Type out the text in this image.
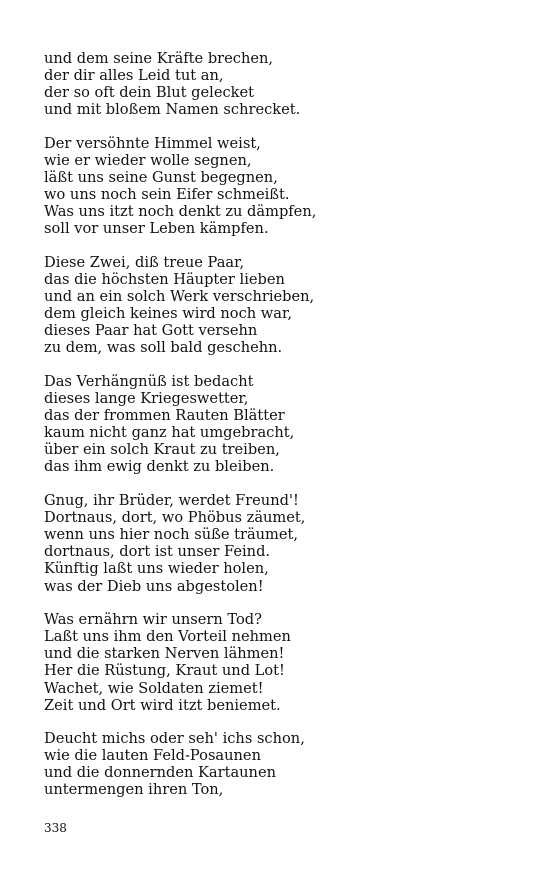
und dem seine Kräfte brechen,
der dir alles Leid tut an,
der so oft dein Blut gelecket
und mit bloßem Namen schrecket.
Der versöhnte Himmel weist,
wie er wieder wolle segnen,
läßt uns seine Gunst begegnen,
wo uns noch sein Eifer schmeißt.
Was uns itzt noch denkt zu dämpfen,
soll vor unser Leben kämpfen.
Diese Zwei, diß treue Paar,
das die höchsten Häupter lieben
und an ein solch Werk verschrieben,
dem gleich keines wird noch war,
dieses Paar hat Gott versehn
zu dem, was soll bald geschehn.
Das Verhängnüß ist bedacht
dieses lange Kriegeswetter,
das der frommen Rauten Blätter
kaum nicht ganz hat umgebracht,
über ein solch Kraut zu treiben,
das ihm ewig denkt zu bleiben.
Gnug, ihr Brüder, werdet Freund'!
Dortnaus, dort, wo Phöbus zäumet,
wenn uns hier noch süße träumet,
dortnaus, dort ist unser Feind.
Künftig laßt uns wieder holen,
was der Dieb uns abgestolen!
Was ernährn wir unsern Tod?
Laßt uns ihm den Vorteil nehmen
und die starken Nerven lähmen!
Her die Rüstung, Kraut und Lot!
Wachet, wie Soldaten ziemet!
Zeit und Ort wird itzt beniemet.
Deucht michs oder seh' ichs schon,
wie die lauten Feld-Posaunen
und die donnernden Kartaunen
untermengen ihren Ton,
338
